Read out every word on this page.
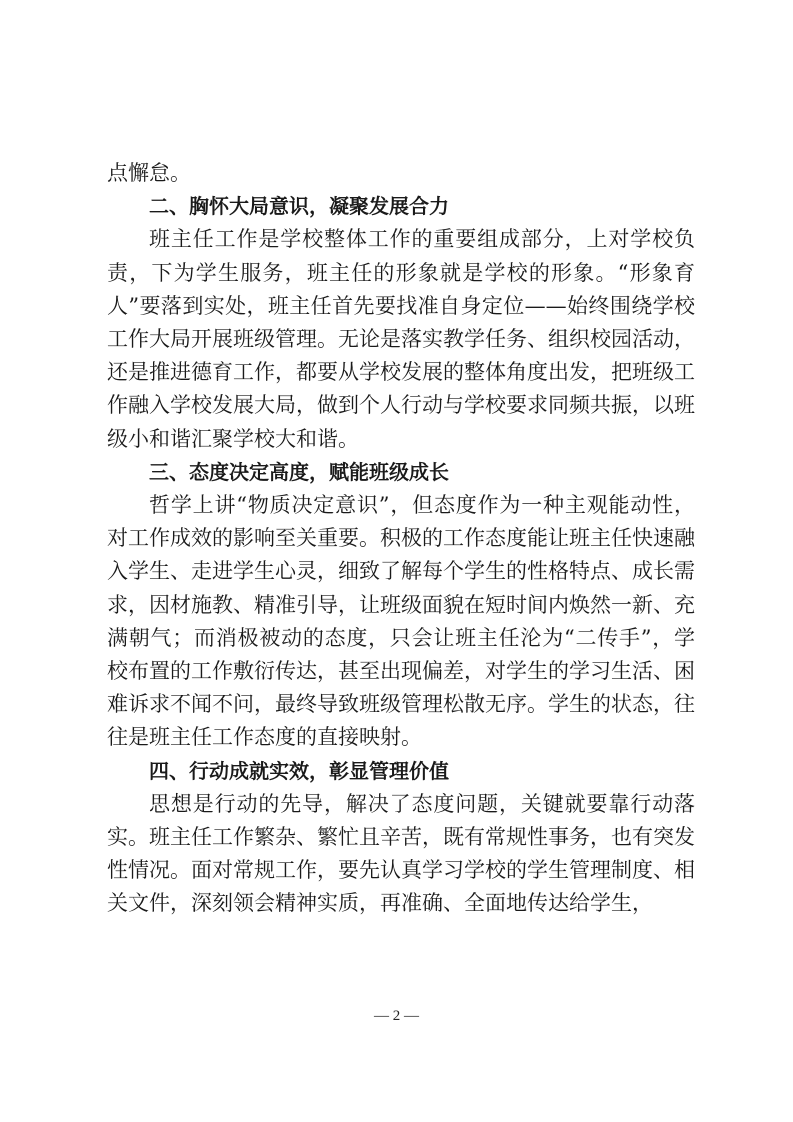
点懈怠。

二、胸怀大局意识，凝聚发展合力

班主任工作是学校整体工作的重要组成部分，上对学校负责，下为学生服务，班主任的形象就是学校的形象。“形象育人”要落到实处，班主任首先要找准自身定位——始终围绕学校工作大局开展班级管理。无论是落实教学任务、组织校园活动，还是推进德育工作，都要从学校发展的整体角度出发，把班级工作融入学校发展大局，做到个人行动与学校要求同频共振，以班级小和谐汇聚学校大和谐。

三、态度决定高度，赋能班级成长

哲学上讲“物质决定意识”，但态度作为一种主观能动性，对工作成效的影响至关重要。积极的工作态度能让班主任快速融入学生、走进学生心灵，细致了解每个学生的性格特点、成长需求，因材施教、精准引导，让班级面貌在短时间内焕然一新、充满朝气；而消极被动的态度，只会让班主任沦为“二传手”，学校布置的工作敷衍传达，甚至出现偏差，对学生的学习生活、困难诉求不闻不问，最终导致班级管理松散无序。学生的状态，往往是班主任工作态度的直接映射。

四、行动成就实效，彰显管理价值

思想是行动的先导，解决了态度问题，关键就要靠行动落实。班主任工作繁杂、繁忙且辛苦，既有常规性事务，也有突发性情况。面对常规工作，要先认真学习学校的学生管理制度、相关文件，深刻领会精神实质，再准确、全面地传达给学生，

— 2 —
